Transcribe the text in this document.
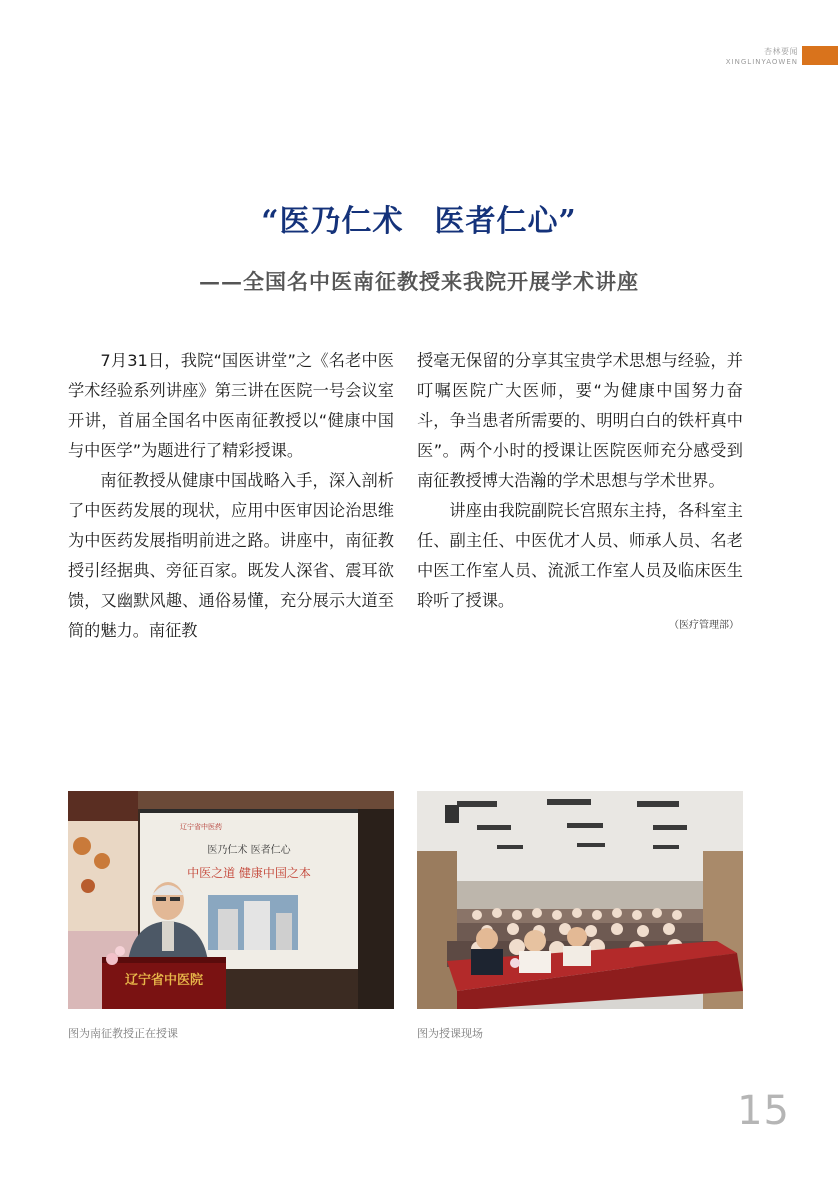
杏林要闻
XINGLINYAOWEN
“医乃仁术　医者仁心”
——全国名中医南征教授来我院开展学术讲座

7月31日，我院“国医讲堂”之《名老中医学术经验系列讲座》第三讲在医院一号会议室开讲，首届全国名中医南征教授以“健康中国与中医学”为题进行了精彩授课。

南征教授从健康中国战略入手，深入剖析了中医药发展的现状，应用中医审因论治思维为中医药发展指明前进之路。讲座中，南征教授引经据典、旁征百家。既发人深省、震耳欲馈，又幽默风趣、通俗易懂，充分展示大道至简的魅力。南征教

授毫无保留的分享其宝贵学术思想与经验，并叮嘱医院广大医师，要“为健康中国努力奋斗，争当患者所需要的、明明白白的铁杆真中医”。两个小时的授课让医院医师充分感受到南征教授博大浩瀚的学术思想与学术世界。

讲座由我院副院长宫照东主持，各科室主任、副主任、中医优才人员、师承人员、名老中医工作室人员、流派工作室人员及临床医生聆听了授课。

（医疗管理部）
辽宁省中医药
医乃仁术 医者仁心
中医之道 健康中国之本
辽宁省中医院
图为南征教授正在授课	图为授课现场
15
